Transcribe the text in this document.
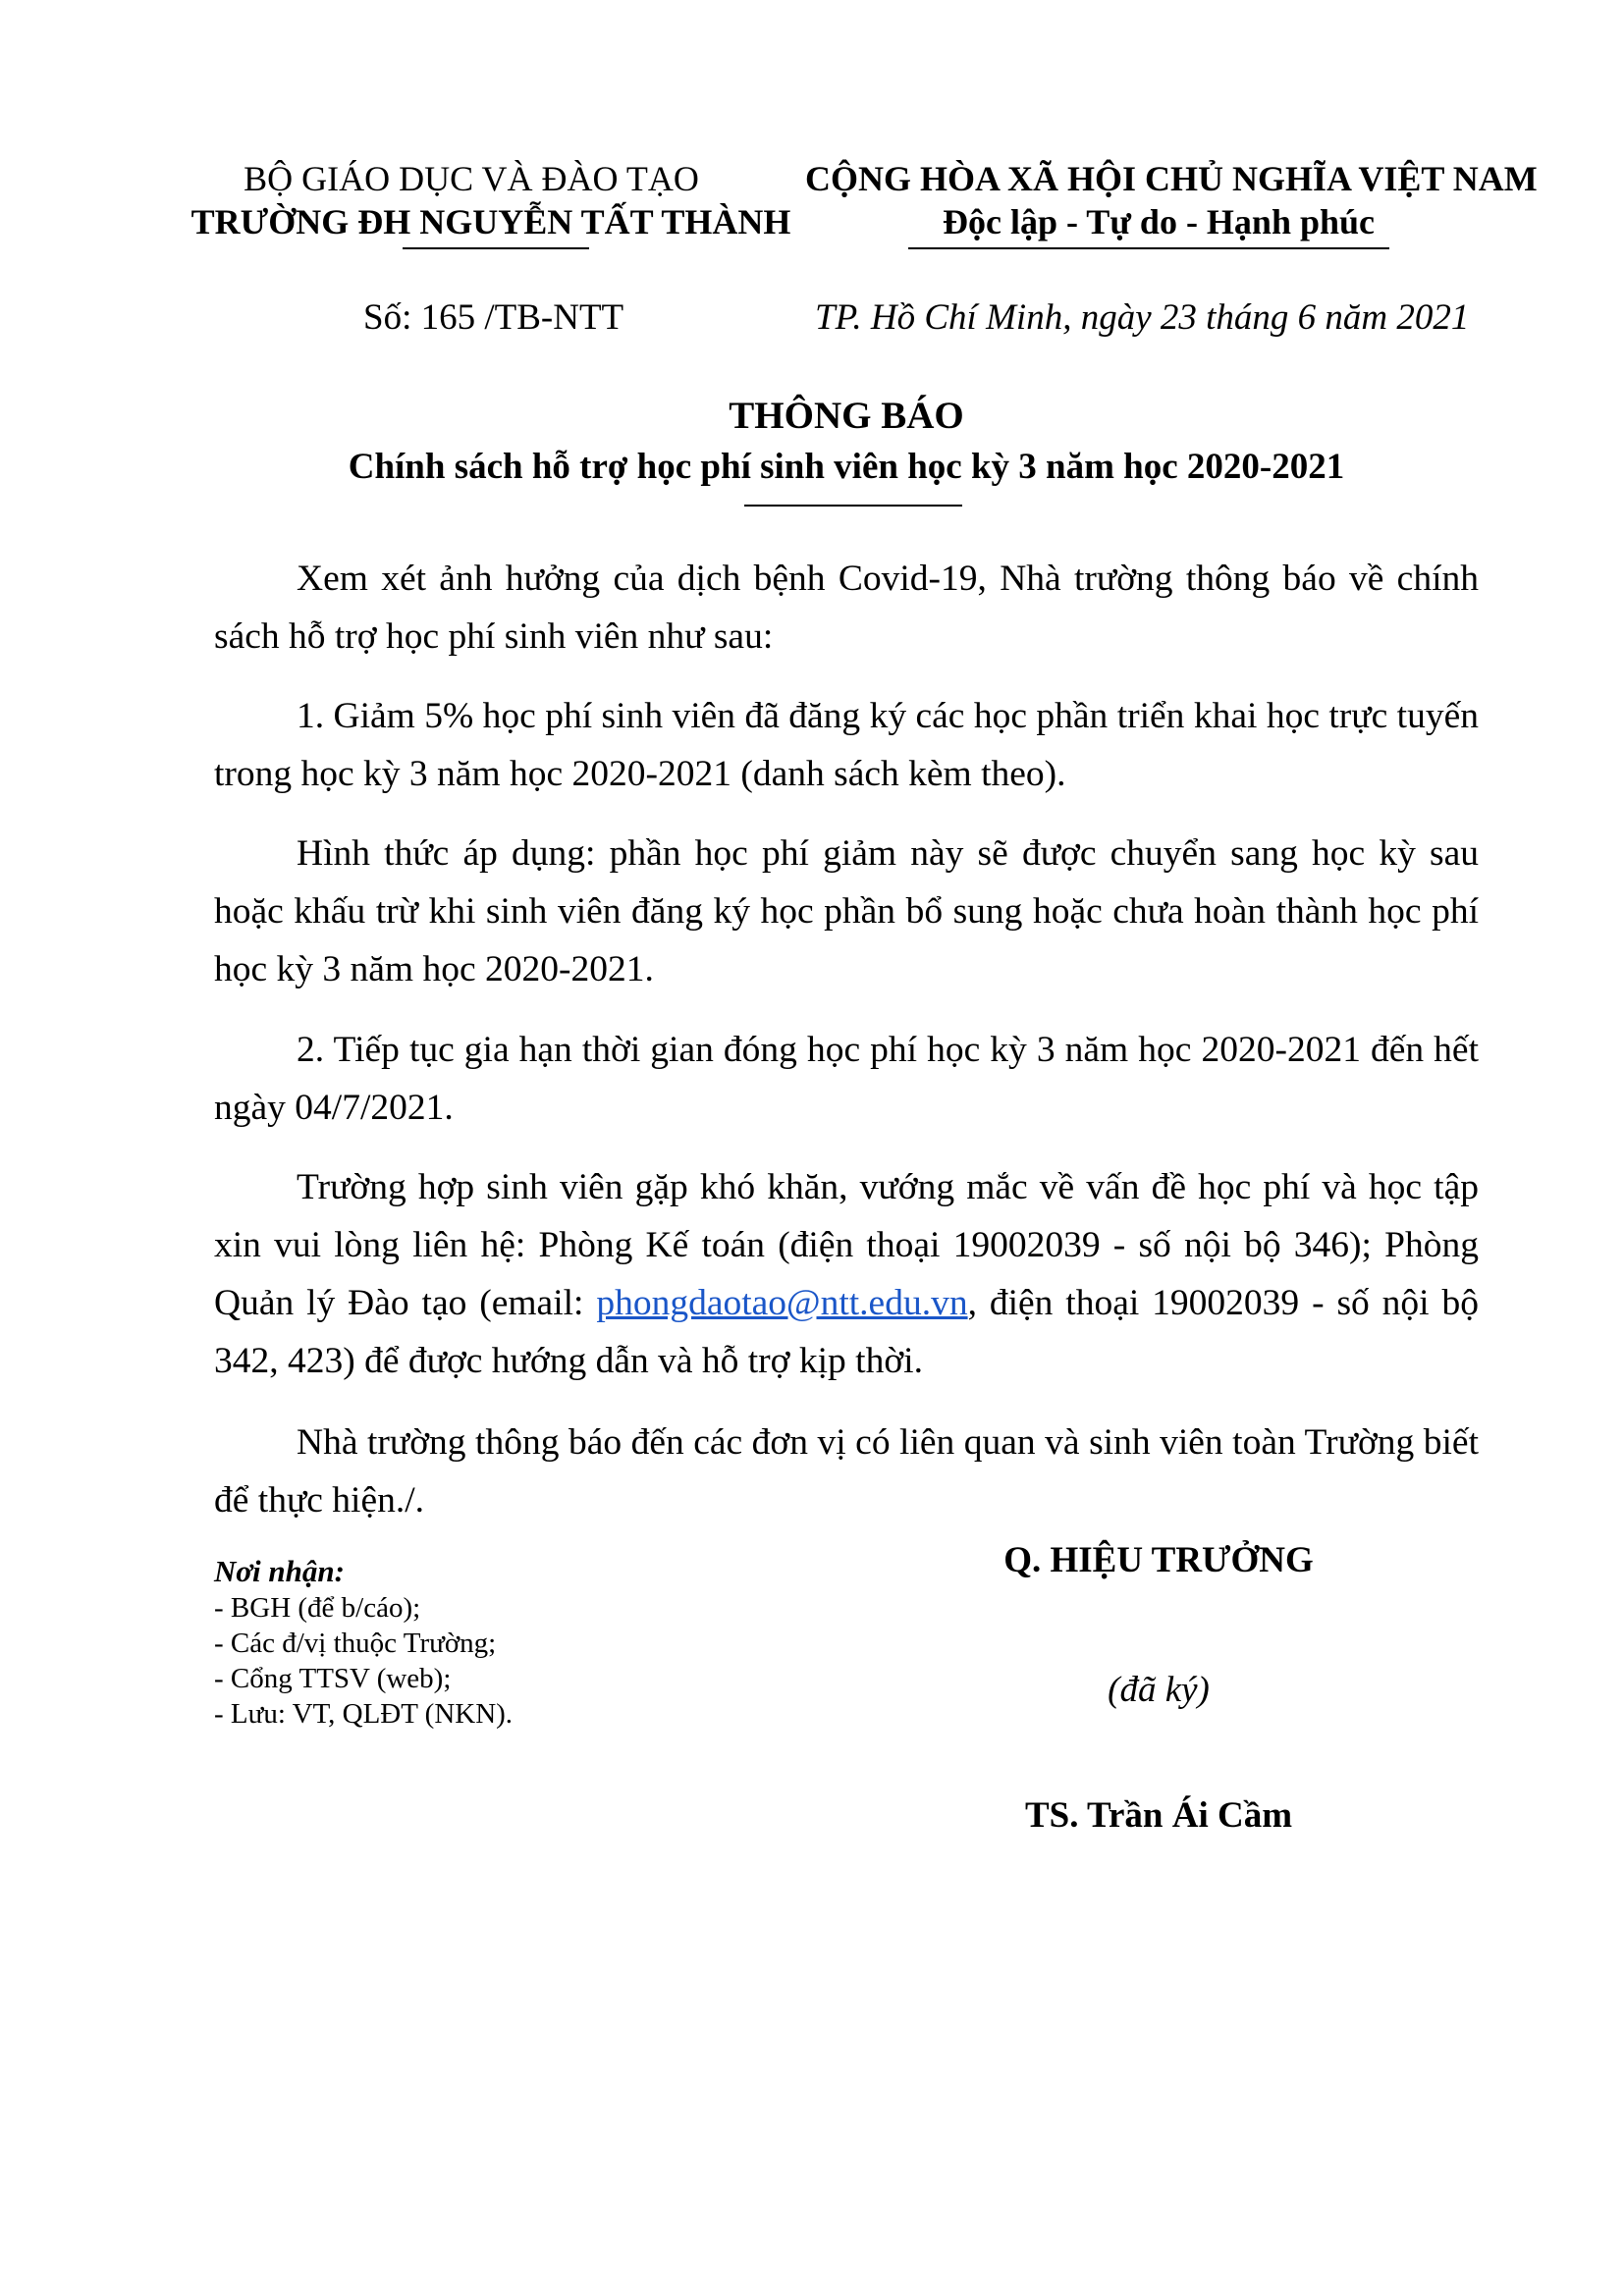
BỘ GIÁO DỤC VÀ ĐÀO TẠO
TRƯỜNG ĐH NGUYỄN TẤT THÀNH
CỘNG HÒA XÃ HỘI CHỦ NGHĨA VIỆT NAM
Độc lập - Tự do - Hạnh phúc
Số: 165 /TB-NTT	TP. Hồ Chí Minh, ngày 23 tháng 6 năm 2021
THÔNG BÁO
Chính sách hỗ trợ học phí sinh viên học kỳ 3 năm học 2020-2021
Xem xét ảnh hưởng của dịch bệnh Covid-19, Nhà trường thông báo về chính sách hỗ trợ học phí sinh viên như sau:
1. Giảm 5% học phí sinh viên đã đăng ký các học phần triển khai học trực tuyến trong học kỳ 3 năm học 2020-2021 (danh sách kèm theo).
Hình thức áp dụng: phần học phí giảm này sẽ được chuyển sang học kỳ sau hoặc khấu trừ khi sinh viên đăng ký học phần bổ sung hoặc chưa hoàn thành học phí học kỳ 3 năm học 2020-2021.
2. Tiếp tục gia hạn thời gian đóng học phí học kỳ 3 năm học 2020-2021 đến hết ngày 04/7/2021.
Trường hợp sinh viên gặp khó khăn, vướng mắc về vấn đề học phí và học tập xin vui lòng liên hệ: Phòng Kế toán (điện thoại 19002039 - số nội bộ 346); Phòng Quản lý Đào tạo (email: phongdaotao@ntt.edu.vn, điện thoại 19002039 - số nội bộ 342, 423) để được hướng dẫn và hỗ trợ kịp thời.
Nhà trường thông báo đến các đơn vị có liên quan và sinh viên toàn Trường biết để thực hiện./.
Nơi nhận:
- BGH (để b/cáo);
- Các đ/vị thuộc Trường;
- Cổng TTSV (web);
- Lưu: VT, QLĐT (NKN).
Q. HIỆU TRƯỞNG
(đã ký)
TS. Trần Ái Cầm
